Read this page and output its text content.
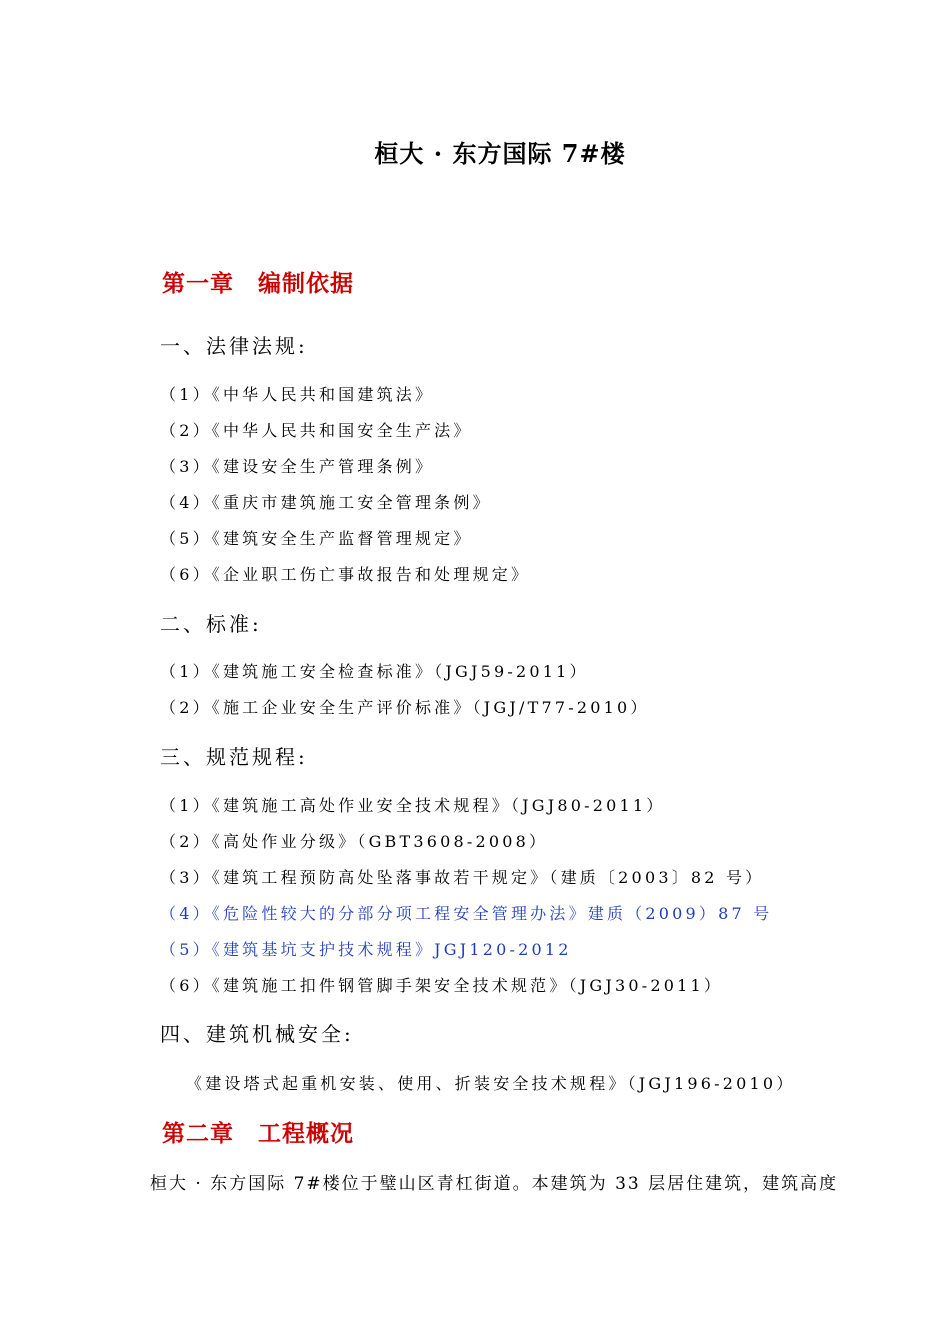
桓大 · 东方国际 7#楼
第一章 编制依据
一、法律法规:
（1）《中华人民共和国建筑法》
（2）《中华人民共和国安全生产法》
（3）《建设安全生产管理条例》
（4）《重庆市建筑施工安全管理条例》
（5）《建筑安全生产监督管理规定》
（6）《企业职工伤亡事故报告和处理规定》
二、标准:
（1）《建筑施工安全检查标准》（JGJ59-2011）
（2）《施工企业安全生产评价标准》（JGJ/T77-2010）
三、规范规程:
（1）《建筑施工高处作业安全技术规程》（JGJ80-2011）
（2）《高处作业分级》（GBT3608-2008）
（3）《建筑工程预防高处坠落事故若干规定》（建质〔2003〕82 号）
（4）《危险性较大的分部分项工程安全管理办法》建质（2009）87 号
（5）《建筑基坑支护技术规程》JGJ120-2012
（6）《建筑施工扣件钢管脚手架安全技术规范》（JGJ30-2011）
四、建筑机械安全:
《建设塔式起重机安装、使用、折装安全技术规程》（JGJ196-2010）
第二章 工程概况
桓大 · 东方国际 7#楼位于璧山区青杠街道。本建筑为 33 层居住建筑，建筑高度
